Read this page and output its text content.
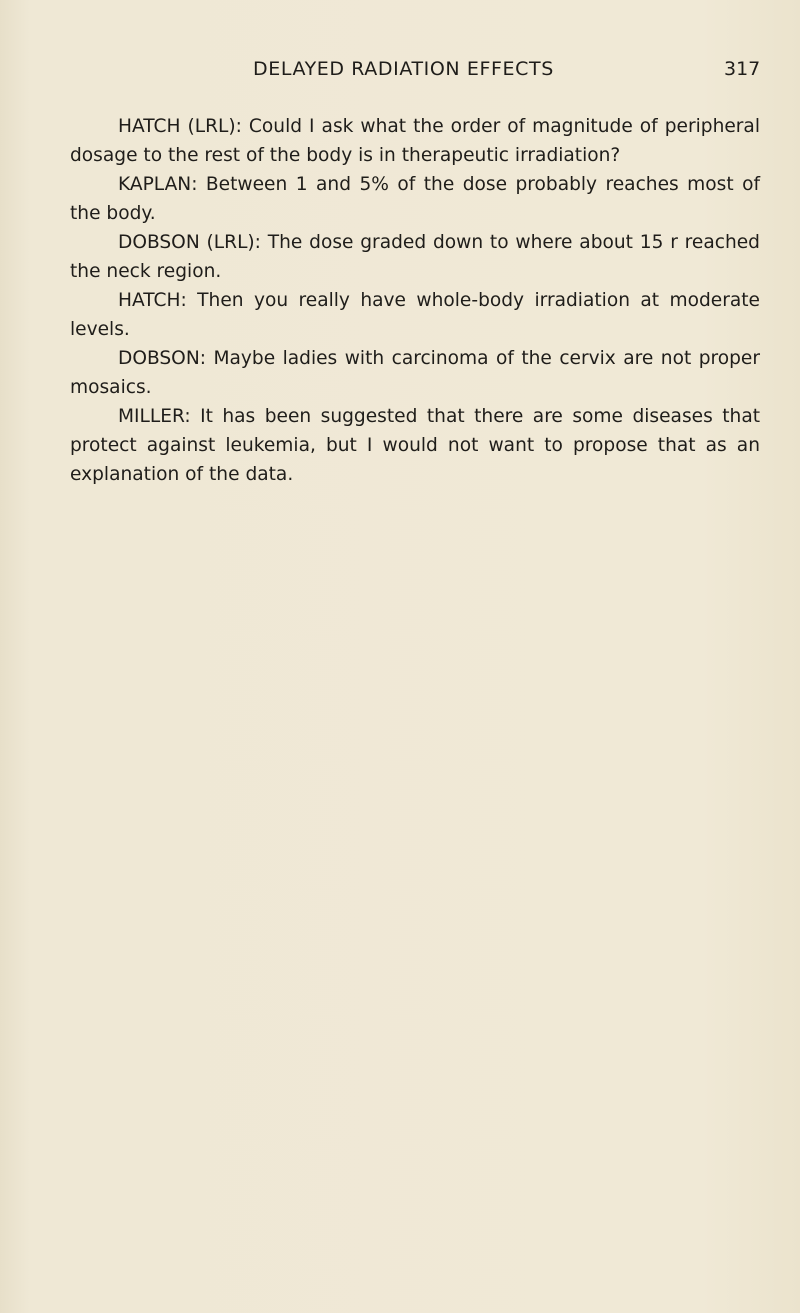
DELAYED RADIATION EFFECTS	317

HATCH (LRL): Could I ask what the order of magnitude of peripheral dosage to the rest of the body is in therapeutic irradiation?

KAPLAN: Between 1 and 5% of the dose probably reaches most of the body.

DOBSON (LRL): The dose graded down to where about 15 r reached the neck region.

HATCH: Then you really have whole-body irradiation at moderate levels.

DOBSON: Maybe ladies with carcinoma of the cervix are not proper mosaics.

MILLER: It has been suggested that there are some diseases that protect against leukemia, but I would not want to propose that as an explanation of the data.
